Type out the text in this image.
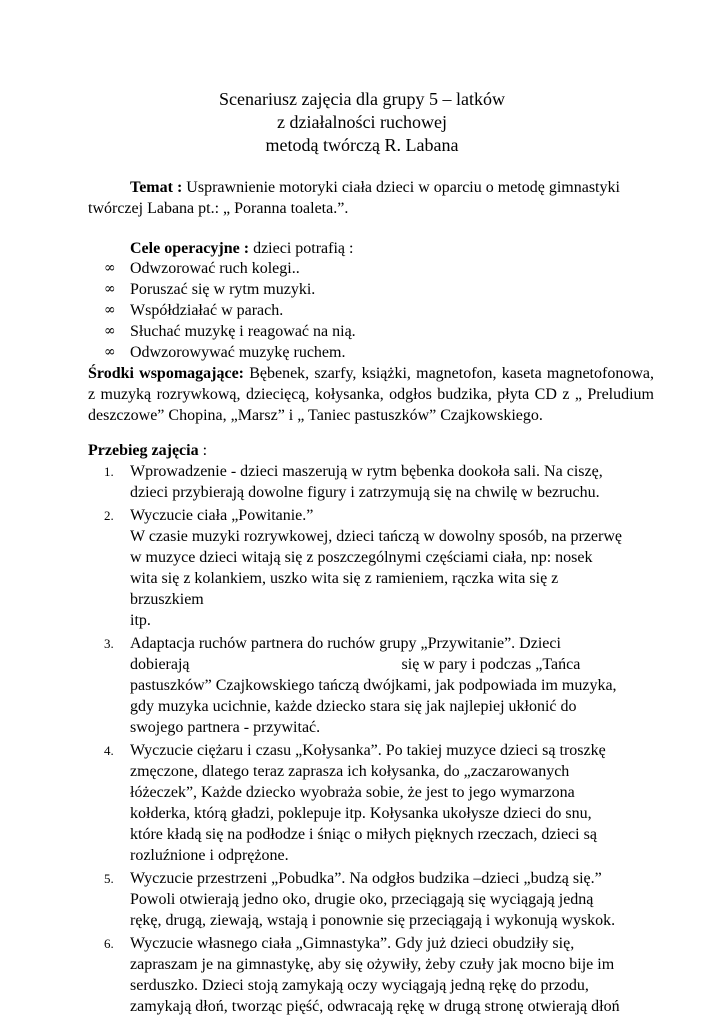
Scenariusz zajęcia dla grupy 5 – latków
z działalności ruchowej
metodą twórczą R. Labana
Temat : Usprawnienie motoryki ciała dzieci w oparciu o metodę gimnastyki twórczej Labana pt.: „ Poranna toaleta.”.
Cele operacyjne : dzieci potrafią :
∞ Odwzorować ruch kolegi..
∞ Poruszać się w rytm muzyki.
∞ Współdziałać w parach.
∞ Słuchać muzykę i reagować na nią.
∞ Odwzorowywać muzykę ruchem.
Środki wspomagające: Bębenek, szarfy, książki, magnetofon, kaseta magnetofonowa, z muzyką rozrywkową, dziecięcą, kołysanka, odgłos budzika, płyta CD z „ Preludium deszczowe” Chopina, „Marsz” i „ Taniec pastuszków” Czajkowskiego.
Przebieg zajęcia :
1.	Wprowadzenie - dzieci maszerują w rytm bębenka dookoła sali. Na ciszę,
dzieci przybierają dowolne figury i zatrzymują się na chwilę w bezruchu.
2.	Wyczucie ciała „Powitanie.”
W czasie muzyki rozrywkowej, dzieci tańczą w dowolny sposób, na przerwę
w muzyce dzieci witają się z poszczególnymi częściami ciała, np: nosek
wita się z kolankiem, uszko wita się z ramieniem, rączka wita się z
brzuszkiem
itp.
3.	Adaptacja ruchów partnera do ruchów grupy „Przywitanie”. Dzieci
dobierają	się w pary i podczas „Tańca
pastuszków” Czajkowskiego tańczą dwójkami, jak podpowiada im muzyka,
gdy muzyka ucichnie, każde dziecko stara się jak najlepiej ukłonić do
swojego partnera - przywitać.
4.	Wyczucie ciężaru i czasu „Kołysanka”. Po takiej muzyce dzieci są troszkę
zmęczone, dlatego teraz zaprasza ich kołysanka, do „zaczarowanych
łóżeczek”, Każde dziecko wyobraża sobie, że jest to jego wymarzona
kołderka, którą gładzi, poklepuje itp. Kołysanka ukołysze dzieci do snu,
które kładą się na podłodze i śniąc o miłych pięknych rzeczach, dzieci są
rozluźnione i odprężone.
5.	Wyczucie przestrzeni „Pobudka”. Na odgłos budzika –dzieci „budzą się.”
Powoli otwierają jedno oko, drugie oko, przeciągają się wyciągają jedną
rękę, drugą, ziewają, wstają i ponownie się przeciągają i wykonują wyskok.
6.	Wyczucie własnego ciała „Gimnastyka”. Gdy już dzieci obudziły się,
zapraszam je na gimnastykę, aby się ożywiły, żeby czuły jak mocno bije im
serduszko. Dzieci stoją zamykają oczy wyciągają jedną rękę do przodu,
zamykają dłoń, tworząc pięść, odwracają rękę w drugą stronę otwierają dłoń
